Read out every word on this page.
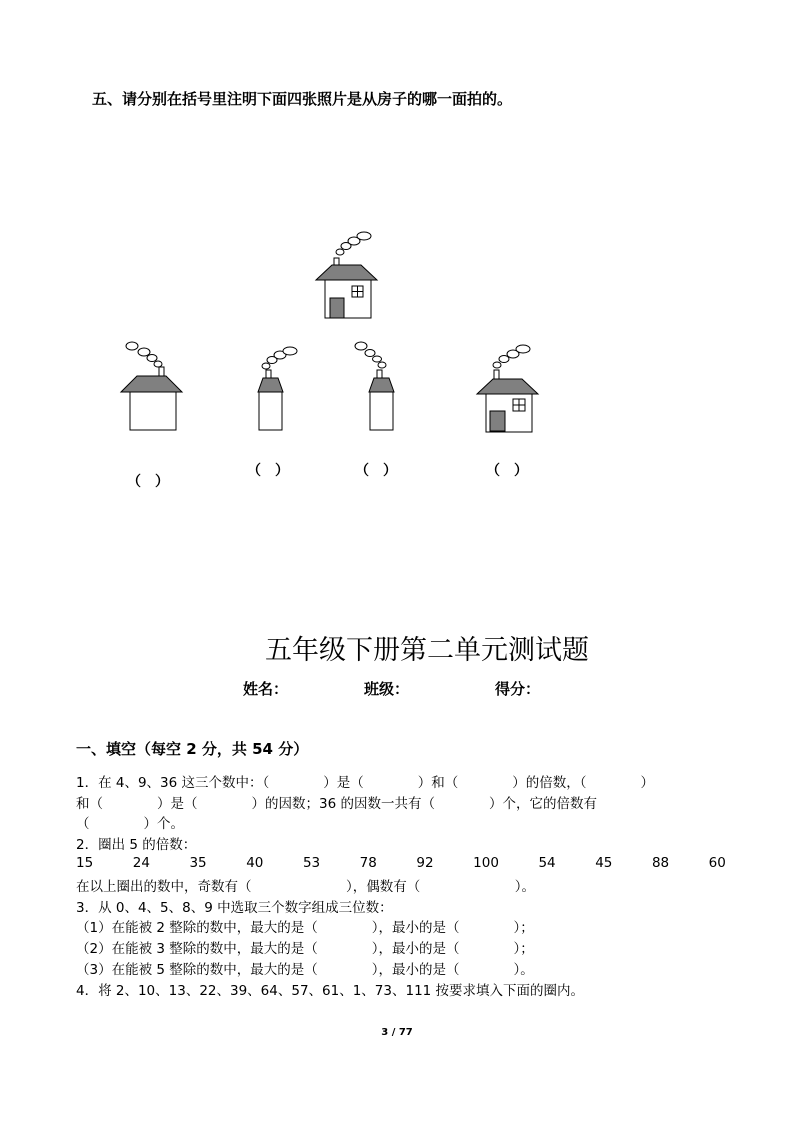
五、请分别在括号里注明下面四张照片是从房子的哪一面拍的。
（　）
（　）	（　）	（　）
五年级下册第二单元测试题
姓名：	班级：	得分：
一、填空（每空 2 分，共 54 分）
1．在 4、9、36 这三个数中：（　　　　）是（　　　　）和（　　　　）的倍数，（　　　　）
和（　　　　）是（　　　　）的因数；36 的因数一共有（　　　　）个，它的倍数有
（　　　　）个。
2．圈出 5 的倍数：
15	24	35	40	53	78	92	100	54	45	88	60
在以上圈出的数中，奇数有（　　　　　　　），偶数有（　　　　　　　）。
3．从 0、4、5、8、9 中选取三个数字组成三位数：
（1）在能被 2 整除的数中，最大的是（　　　　），最小的是（　　　　）；
（2）在能被 3 整除的数中，最大的是（　　　　），最小的是（　　　　）；
（3）在能被 5 整除的数中，最大的是（　　　　），最小的是（　　　　）。
4．将 2、10、13、22、39、64、57、61、1、73、111 按要求填入下面的圈内。
3 / 77
